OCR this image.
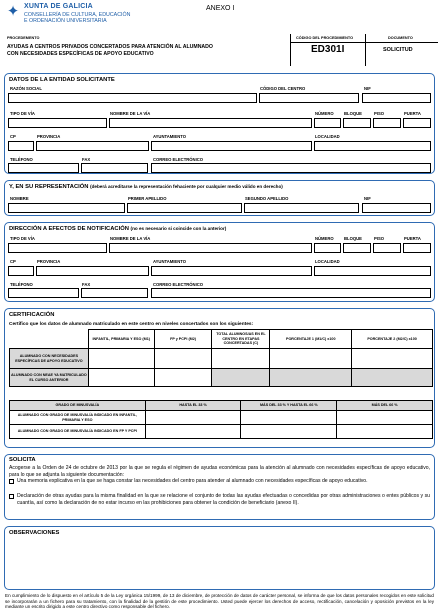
✦ XUNTA DE GALICIA
CONSELLERÍA DE CULTURA, EDUCACIÓN
E ORDENACIÓN UNIVERSITARIA
ANEXO I
PROCEDEMENTO
AYUDAS A CENTROS PRIVADOS CONCERTADOS PARA ATENCIÓN AL ALUMNADO
CON NECESIDADES ESPECÍFICAS DE APOYO EDUCATIVO
CÓDIGO DEL PROCEDIMIENTO
ED301I
DOCUMENTO
SOLICITUD
DATOS DE LA ENTIDAD SOLICITANTE
RAZÓN SOCIAL	CÓDIGO DEL CENTRO	NIF
TIPO DE VÍA	NOMBRE DE LA VÍA	NÚMERO BLOQUE	PISO	PUERTA
CP	PROVINCIA	AYUNTAMIENTO	LOCALIDAD
TELÉFONO	FAX	CORREO ELECTRÓNICO
Y, EN SU REPRESENTACIÓN (deberá acreditarse la representación fehaciente por cualquier medio válido en derecho)
NOMBRE	PRIMER APELLIDO	SEGUNDO APELLIDO	NIF
DIRECCIÓN A EFECTOS DE NOTIFICACIÓN (no es necesario si coincide con la anterior)
TIPO DE VÍA	NOMBRE DE LA VÍA	NÚMERO BLOQUE	PISO	PUERTA
CP	PROVINCIA	AYUNTAMIENTO	LOCALIDAD
TELÉFONO	FAX	CORREO ELECTRÓNICO
CERTIFICACIÓN
Certifico que los datos de alumnado matriculado en este centro en niveles concertados son los siguientes:
	INFANTIL, PRIMARIA Y ESO (M1)	FP y PCPI (M2)	TOTAL ALUMNOS/AS EN EL CENTRO EN ETAPAS CONCERTADAS (C)	PORCENTAJE 1 (M1/C) x100	PORCENTAJE 2 (M2/C) x100
ALUMNADO CON NECESIDADES ESPECÍFICAS DE APOYO EDUCATIVO					
ALUMNADO CON NEAE YA MATRICULADO EL CURSO ANTERIOR					
GRADO DE MINUSVALÍA	HASTA EL 33 %	MÁS DEL 33 % Y HASTA EL 66 %	MÁS DEL 66 %
ALUMNADO CON GRADO DE MINUSVALÍA INDICADO EN INFANTIL, PRIMARIA Y ESO			
ALUMNADO CON GRADO DE MINUSVALÍA INDICADO EN FP Y PCPI			
SOLICITA
Acogerse a la Orden de 24 de octubre de 2013 por la que se regula el régimen de ayudas económicas para la atención al alumnado con necesidades específicas de apoyo educativo, para lo que se adjunta la siguiente documentación:
Una memoria explicativa en la que se haga constar las necesidades del centro para atender al alumnado con necesidades específicas de apoyo educativo.
Declaración de otras ayudas para la misma finalidad en la que se relacione el conjunto de todas las ayudas efectuadas o concedidas por otras administraciones o entes públicos y su cuantía, así como la declaración de no estar incurso en las prohibiciones para obtener la condición de beneficiario (anexo II).
OBSERVACIONES
En cumplimiento de lo dispuesto en el artículo 5 de la Ley orgánica 15/1999, de 13 de diciembre, de protección de datos de carácter personal, se informa de que los datos personales recogidos en este solicitud se incorporarán a un fichero para su tratamiento, con la finalidad de la gestión de este procedimiento. Usted puede ejercer los derechos de acceso, rectificación, cancelación y oposición previstos en la ley mediante un escrito dirigido a este centro directivo como responsable del fichero.
